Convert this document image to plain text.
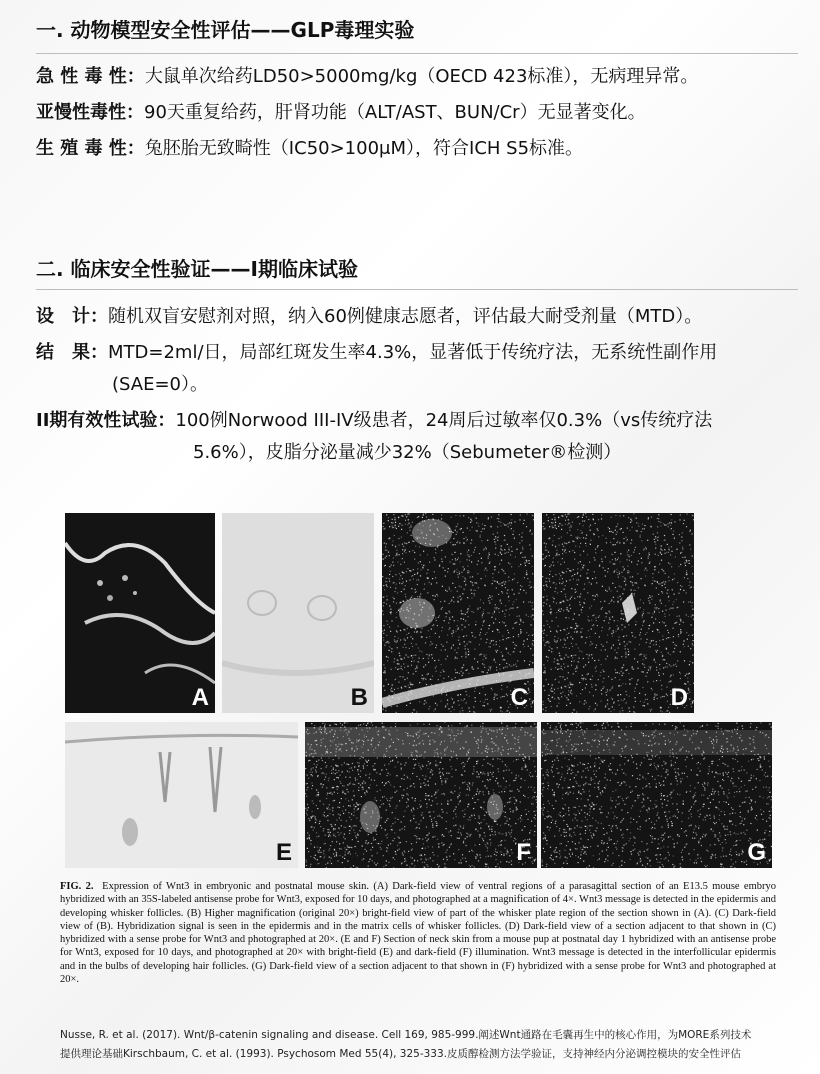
一. 动物模型安全性评估——GLP毒理实验
急 性 毒 性：大鼠单次给药LD50>5000mg/kg（OECD 423标准），无病理异常。
亚慢性毒性：90天重复给药，肝肾功能（ALT/AST、BUN/Cr）无显著变化。
生 殖 毒 性：兔胚胎无致畸性（IC50>100μM），符合ICH S5标准。
二. 临床安全性验证——I期临床试验
设　计：随机双盲安慰剂对照，纳入60例健康志愿者，评估最大耐受剂量（MTD）。
结　果：MTD=2ml/日，局部红斑发生率4.3%，显著低于传统疗法，无系统性副作用
(SAE=0）。
II期有效性试验：100例Norwood III-IV级患者，24周后过敏率仅0.3%（vs传统疗法
5.6%），皮脂分泌量减少32%（Sebumeter®检测）
A	B	C	D
E	F	G
FIG. 2. Expression of Wnt3 in embryonic and postnatal mouse skin. (A) Dark-field view of ventral regions of a parasagittal section of an E13.5 mouse embryo hybridized with an 35S-labeled antisense probe for Wnt3, exposed for 10 days, and photographed at a magnification of 4×. Wnt3 message is detected in the epidermis and developing whisker follicles. (B) Higher magnification (original 20×) bright-field view of part of the whisker plate region of the section shown in (A). (C) Dark-field view of (B). Hybridization signal is seen in the epidermis and in the matrix cells of whisker follicles. (D) Dark-field view of a section adjacent to that shown in (C) hybridized with a sense probe for Wnt3 and photographed at 20×. (E and F) Section of neck skin from a mouse pup at postnatal day 1 hybridized with an antisense probe for Wnt3, exposed for 10 days, and photographed at 20× with bright-field (E) and dark-field (F) illumination. Wnt3 message is detected in the interfollicular epidermis and in the bulbs of developing hair follicles. (G) Dark-field view of a section adjacent to that shown in (F) hybridized with a sense probe for Wnt3 and photographed at 20×.
Nusse, R. et al. (2017). Wnt/β-catenin signaling and disease. Cell 169, 985-999.阐述Wnt通路在毛囊再生中的核心作用，为MORE系列技术
提供理论基础Kirschbaum, C. et al. (1993). Psychosom Med 55(4), 325-333.皮质醇检测方法学验证，支持神经内分泌调控模块的安全性评估
